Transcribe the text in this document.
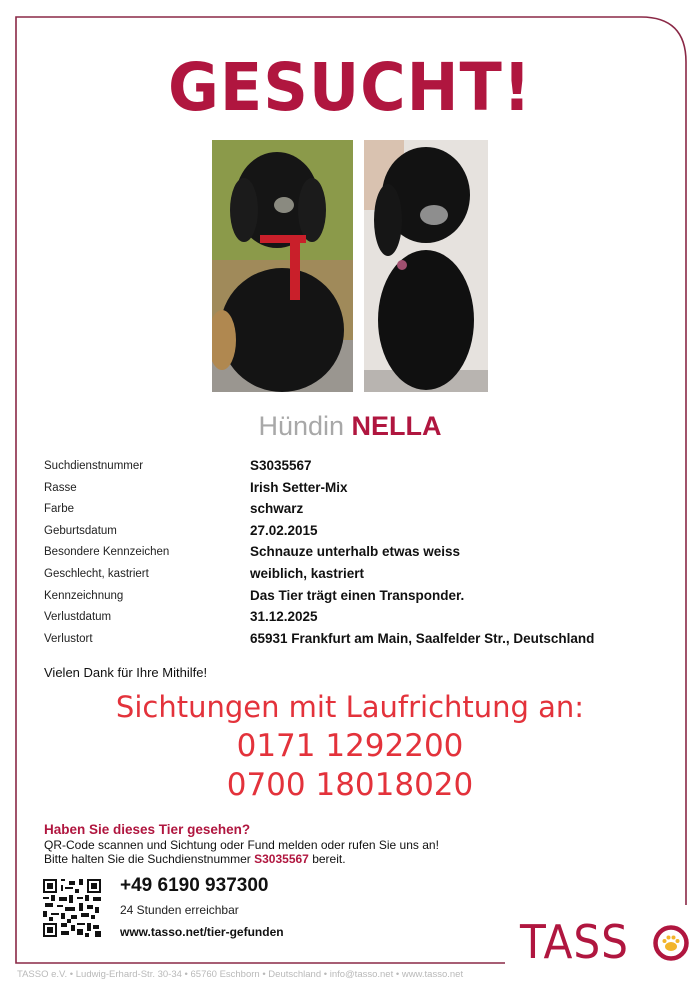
GESUCHT!
Hündin NELLA
Suchdienstnummer	S3035567
Rasse	Irish Setter-Mix
Farbe	schwarz
Geburtsdatum	27.02.2015
Besondere Kennzeichen	Schnauze unterhalb etwas weiss
Geschlecht, kastriert	weiblich, kastriert
Kennzeichnung	Das Tier trägt einen Transponder.
Verlustdatum	31.12.2025
Verlustort	65931 Frankfurt am Main, Saalfelder Str., Deutschland
Vielen Dank für Ihre Mithilfe!
Sichtungen mit Laufrichtung an:
0171 1292200
0700 18018020
Haben Sie dieses Tier gesehen?
QR-Code scannen und Sichtung oder Fund melden oder rufen Sie uns an!
Bitte halten Sie die Suchdienstnummer S3035567 bereit.
+49 6190 937300
24 Stunden erreichbar
www.tasso.net/tier-gefunden	TASS
TASSO e.V. • Ludwig-Erhard-Str. 30-34 • 65760 Eschborn • Deutschland • info@tasso.net • www.tasso.net
